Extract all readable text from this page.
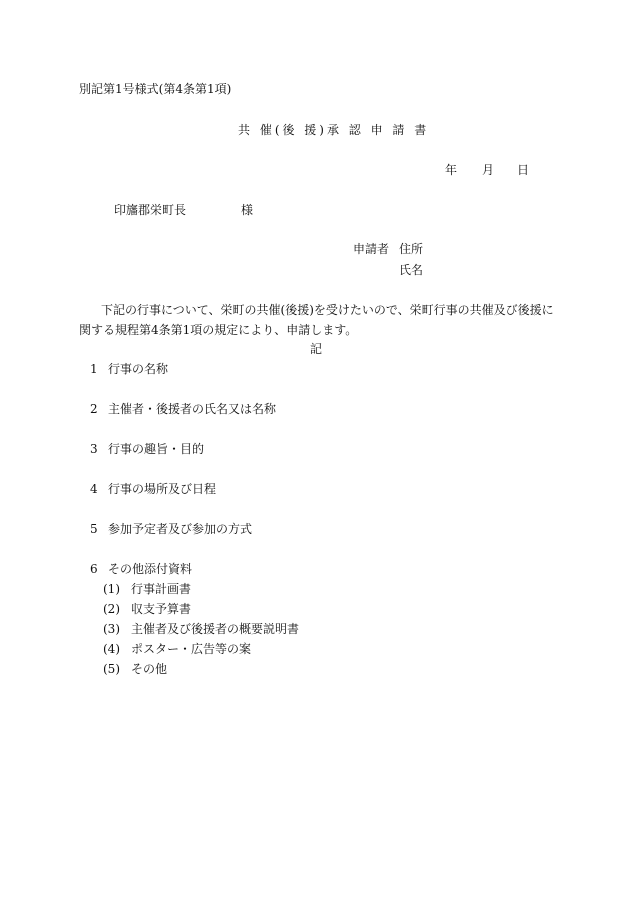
別記第1号様式(第4条第1項)
共 催(後 援)承 認 申 請 書
年 月 日
印旛郡栄町長	様
申請者 住所
氏名
下記の行事について、栄町の共催(後援)を受けたいので、栄町行事の共催及び後援に
関する規程第4条第1項の規定により、申請します。
記
1 行事の名称
2 主催者・後援者の氏名又は名称
3 行事の趣旨・目的
4 行事の場所及び日程
5 参加予定者及び参加の方式
6 その他添付資料
(1) 行事計画書
(2) 収支予算書
(3) 主催者及び後援者の概要説明書
(4) ポスター・広告等の案
(5) その他
